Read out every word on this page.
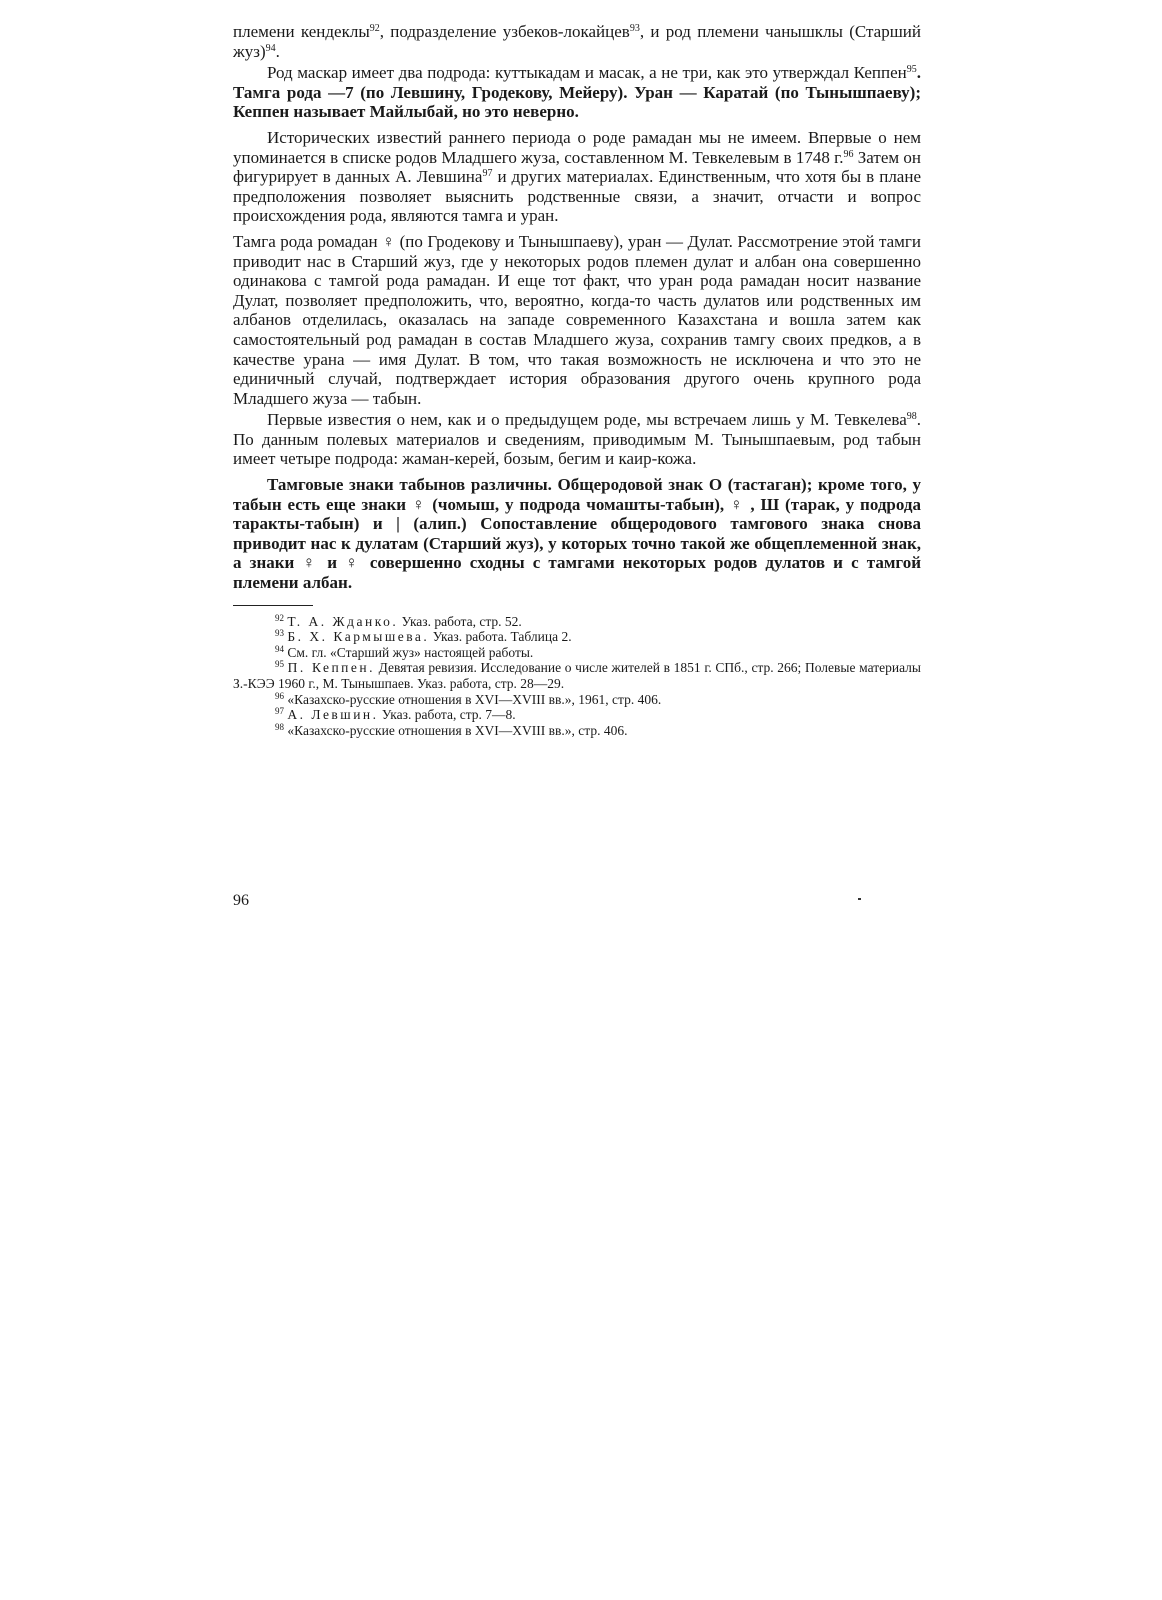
племени кендеклы$^{92}$, подразделение узбеков-локайцев$^{93}$, и род племени чанышклы (Старший жуз)$^{94}$.

Род маскар имеет два подрода: куттыкадам и масак, а не три, как это утверждал Кеппен$^{95}$. Тамга рода —7 (по Левшину, Гродекову, Мейеру). Уран — Каратай (по Тынышпаеву); Кеппен называет Майлыбай, но это неверно.

Исторических известий раннего периода о роде рамадан мы не имеем. Впервые о нем упоминается в списке родов Младшего жуза, составленном М. Тевкелевым в 1748 г.$^{96}$ Затем он фигурирует в данных А. Левшина$^{97}$ и других материалах. Единственным, что хотя бы в плане предположения позволяет выяснить родственные связи, а значит, отчасти и вопрос происхождения рода, являются тамга и уран.

Тамга рода ромадан ♀ (по Гродекову и Тынышпаеву), уран — Дулат. Рассмотрение этой тамги приводит нас в Старший жуз, где у некоторых родов племен дулат и албан она совершенно одинакова с тамгой рода рамадан. И еще тот факт, что уран рода рамадан носит название Дулат, позволяет предположить, что, вероятно, когда-то часть дулатов или родственных им албанов отделилась, оказалась на западе современного Казахстана и вошла затем как самостоятельный род рамадан в состав Младшего жуза, сохранив тамгу своих предков, а в качестве урана — имя Дулат. В том, что такая возможность не исключена и что это не единичный случай, подтверждает история образования другого очень крупного рода Младшего жуза — табын.

Первые известия о нем, как и о предыдущем роде, мы встречаем лишь у М. Тевкелева$^{98}$. По данным полевых материалов и сведениям, приводимым М. Тынышпаевым, род табын имеет четыре подрода: жаман-керей, бозым, бегим и каир-кожа.

Тамговые знаки табынов различны. Общеродовой знак О (тастаган); кроме того, у табын есть еще знаки ♀ (чомыш, у подрода чомашты-табын), ♀ , Ш (тарак, у подрода таракты-табын) и | (алип.) Сопоставление общеродового тамгового знака снова приводит нас к дулатам (Старший жуз), у которых точно такой же общеплеменной знак, а знаки ♀ и ♀ совершенно сходны с тамгами некоторых родов дулатов и с тамгой племени албан.

$^{92}$ Т. А. Жданко. Указ. работа, стр. 52.

$^{93}$ Б. Х. Кармышева. Указ. работа. Таблица 2.

$^{94}$ См. гл. «Старший жуз» настоящей работы.

$^{95}$ П. Кеппен. Девятая ревизия. Исследование о числе жителей в 1851 г. СПб., стр. 266; Полевые материалы З.-КЭЭ 1960 г., М. Тынышпаев. Указ. работа, стр. 28—29.

$^{96}$ «Казахско-русские отношения в XVI—XVIII вв.», 1961, стр. 406.

$^{97}$ А. Левшин. Указ. работа, стр. 7—8.

$^{98}$ «Казахско-русские отношения в XVI—XVIII вв.», стр. 406.

96
